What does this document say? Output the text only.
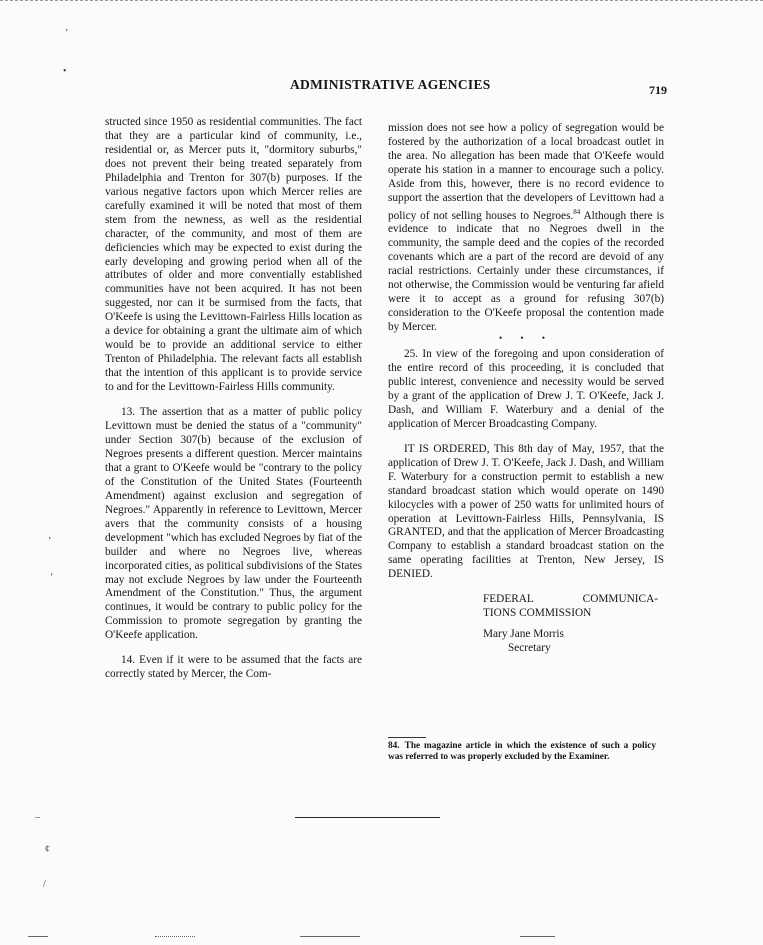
’
•
’
‘
–
¢
/
ADMINISTRATIVE AGENCIES	719

structed since 1950 as residential communities. The fact that they are a particular kind of community, i.e., residential or, as Mercer puts it, "dormitory suburbs," does not prevent their being treated separately from Philadelphia and Trenton for 307(b) purposes. If the various negative factors upon which Mercer relies are carefully examined it will be noted that most of them stem from the newness, as well as the residential character, of the community, and most of them are deficiencies which may be expected to exist during the early developing and growing period when all of the attributes of older and more conventially established communities have not been acquired. It has not been suggested, nor can it be surmised from the facts, that O'Keefe is using the Levittown-Fairless Hills location as a device for obtaining a grant the ultimate aim of which would be to provide an additional service to either Trenton of Philadelphia. The relevant facts all establish that the intention of this applicant is to provide service to and for the Levittown-Fairless Hills community.

13. The assertion that as a matter of public policy Levittown must be denied the status of a "community" under Section 307(b) because of the exclusion of Negroes presents a different question. Mercer maintains that a grant to O'Keefe would be "contrary to the policy of the Constitution of the United States (Fourteenth Amendment) against exclusion and segregation of Negroes." Apparently in reference to Levittown, Mercer avers that the community consists of a housing development "which has excluded Negroes by fiat of the builder and where no Negroes live, whereas incorporated cities, as political subdivisions of the States may not exclude Negroes by law under the Fourteenth Amendment of the Constitution." Thus, the argument continues, it would be contrary to public policy for the Commission to promote segregation by granting the O'Keefe application.

14. Even if it were to be assumed that the facts are correctly stated by Mercer, the Com-

mission does not see how a policy of segregation would be fostered by the authorization of a local broadcast outlet in the area. No allegation has been made that O'Keefe would operate his station in a manner to encourage such a policy. Aside from this, however, there is no record evidence to support the assertion that the developers of Levittown had a policy of not selling houses to Negroes.$^{84}$ Although there is evidence to indicate that no Negroes dwell in the community, the sample deed and the copies of the recorded covenants which are a part of the record are devoid of any racial restrictions. Certainly under these circumstances, if not otherwise, the Commission would be venturing far afield were it to accept as a ground for refusing 307(b) consideration to the O'Keefe proposal the contention made by Mercer.

• • •

25. In view of the foregoing and upon consideration of the entire record of this proceeding, it is concluded that public interest, convenience and necessity would be served by a grant of the application of Drew J. T. O'Keefe, Jack J. Dash, and William F. Waterbury and a denial of the application of Mercer Broadcasting Company.

IT IS ORDERED, This 8th day of May, 1957, that the application of Drew J. T. O'Keefe, Jack J. Dash, and William F. Waterbury for a construction permit to establish a new standard broadcast station which would operate on 1490 kilocycles with a power of 250 watts for unlimited hours of operation at Levittown-Fairless Hills, Pennsylvania, IS GRANTED, and that the application of Mercer Broadcasting Company to establish a standard broadcast station on the same operating facilities at Trenton, New Jersey, IS DENIED.

FEDERAL COMMUNICA-
TIONS COMMISSION
Mary Jane Morris
Secretary
84. The magazine article in which the existence of such a policy was referred to was properly excluded by the Examiner.
